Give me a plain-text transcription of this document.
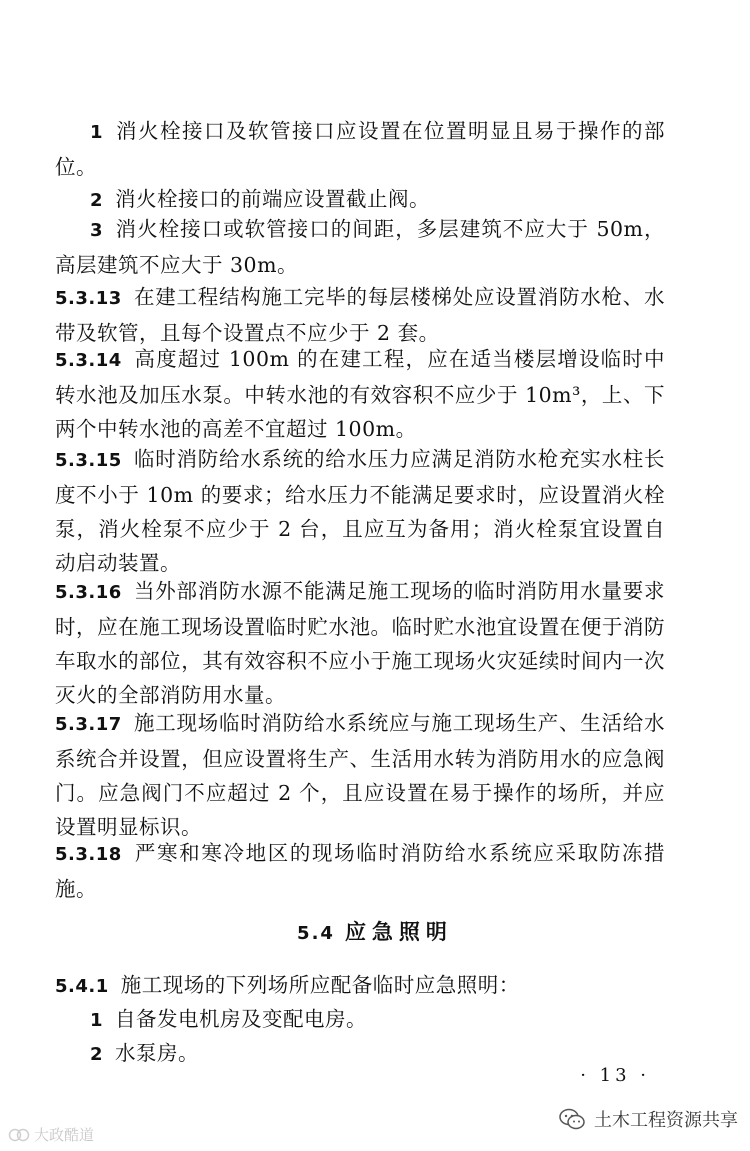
1 消火栓接口及软管接口应设置在位置明显且易于操作的部位。
2 消火栓接口的前端应设置截止阀。
3 消火栓接口或软管接口的间距，多层建筑不应大于 50m，高层建筑不应大于 30m。
5.3.13 在建工程结构施工完毕的每层楼梯处应设置消防水枪、水带及软管，且每个设置点不应少于 2 套。
5.3.14 高度超过 100m 的在建工程，应在适当楼层增设临时中转水池及加压水泵。中转水池的有效容积不应少于 10m³，上、下两个中转水池的高差不宜超过 100m。
5.3.15 临时消防给水系统的给水压力应满足消防水枪充实水柱长度不小于 10m 的要求；给水压力不能满足要求时，应设置消火栓泵，消火栓泵不应少于 2 台，且应互为备用；消火栓泵宜设置自动启动装置。
5.3.16 当外部消防水源不能满足施工现场的临时消防用水量要求时，应在施工现场设置临时贮水池。临时贮水池宜设置在便于消防车取水的部位，其有效容积不应小于施工现场火灾延续时间内一次灭火的全部消防用水量。
5.3.17 施工现场临时消防给水系统应与施工现场生产、生活给水系统合并设置，但应设置将生产、生活用水转为消防用水的应急阀门。应急阀门不应超过 2 个，且应设置在易于操作的场所，并应设置明显标识。
5.3.18 严寒和寒冷地区的现场临时消防给水系统应采取防冻措施。
5.4 应急照明
5.4.1 施工现场的下列场所应配备临时应急照明：
1 自备发电机房及变配电房。
2 水泵房。
· 13 ·
土木工程资源共享
大政酷道
